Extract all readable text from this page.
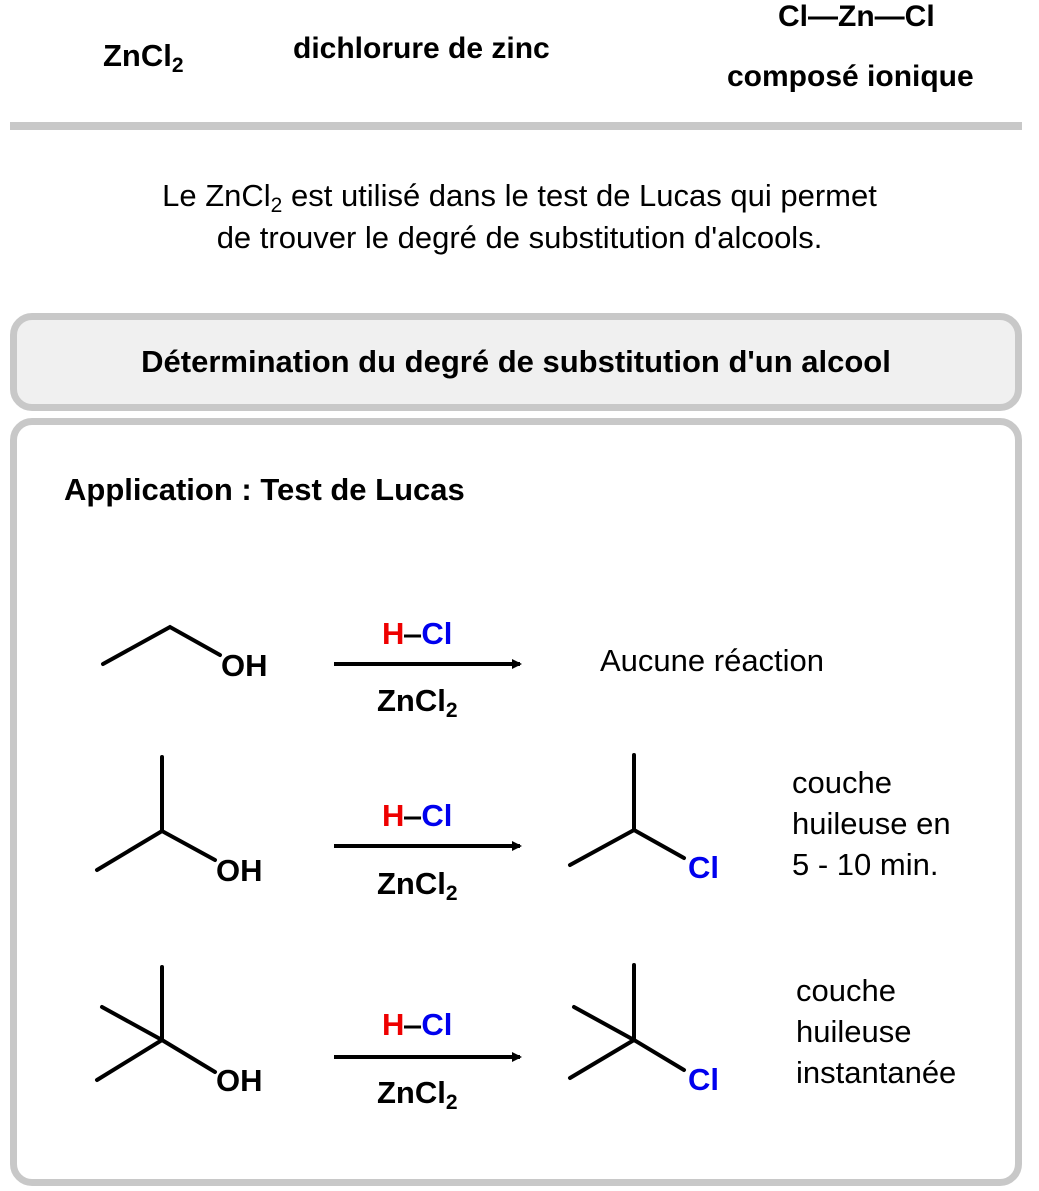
ZnCl$_2$
dichlorure de zinc
Cl—Zn—Cl
composé ionique
Le ZnCl$_2$ est utilisé dans le test de Lucas qui permet
de trouver le degré de substitution d'alcools.
Détermination du degré de substitution d'un alcool
Application : Test de Lucas
OH
H—Cl
ZnCl$_2$
Aucune réaction
OH
H—Cl
ZnCl$_2$
Cl
couche
huileuse en
5 - 10 min.
OH
H—Cl
ZnCl$_2$
Cl
couche
huileuse
instantanée
